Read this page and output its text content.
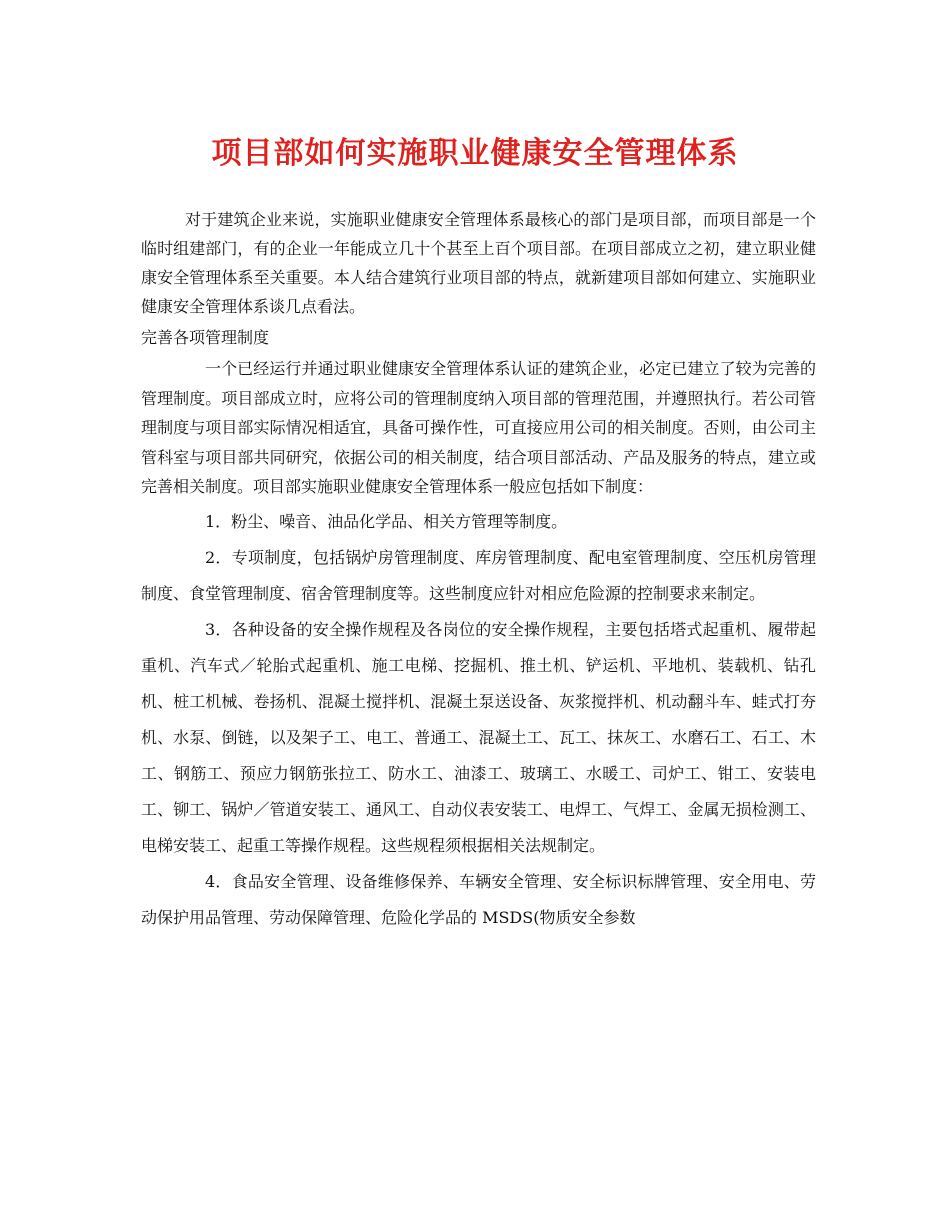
项目部如何实施职业健康安全管理体系

对于建筑企业来说，实施职业健康安全管理体系最核心的部门是项目部，而项目部是一个临时组建部门，有的企业一年能成立几十个甚至上百个项目部。在项目部成立之初，建立职业健康安全管理体系至关重要。本人结合建筑行业项目部的特点，就新建项目部如何建立、实施职业健康安全管理体系谈几点看法。

完善各项管理制度

一个已经运行并通过职业健康安全管理体系认证的建筑企业，必定已建立了较为完善的管理制度。项目部成立时，应将公司的管理制度纳入项目部的管理范围，并遵照执行。若公司管理制度与项目部实际情况相适宜，具备可操作性，可直接应用公司的相关制度。否则，由公司主管科室与项目部共同研究，依据公司的相关制度，结合项目部活动、产品及服务的特点，建立或完善相关制度。项目部实施职业健康安全管理体系一般应包括如下制度：

1．粉尘、噪音、油品化学品、相关方管理等制度。

2．专项制度，包括锅炉房管理制度、库房管理制度、配电室管理制度、空压机房管理制度、食堂管理制度、宿舍管理制度等。这些制度应针对相应危险源的控制要求来制定。

3．各种设备的安全操作规程及各岗位的安全操作规程，主要包括塔式起重机、履带起重机、汽车式／轮胎式起重机、施工电梯、挖掘机、推土机、铲运机、平地机、装载机、钻孔机、桩工机械、卷扬机、混凝土搅拌机、混凝土泵送设备、灰浆搅拌机、机动翻斗车、蛙式打夯机、水泵、倒链，以及架子工、电工、普通工、混凝土工、瓦工、抹灰工、水磨石工、石工、木工、钢筋工、预应力钢筋张拉工、防水工、油漆工、玻璃工、水暖工、司炉工、钳工、安装电工、铆工、锅炉／管道安装工、通风工、自动仪表安装工、电焊工、气焊工、金属无损检测工、电梯安装工、起重工等操作规程。这些规程须根据相关法规制定。

4．食品安全管理、设备维修保养、车辆安全管理、安全标识标牌管理、安全用电、劳动保护用品管理、劳动保障管理、危险化学品的 MSDS(物质安全参数
